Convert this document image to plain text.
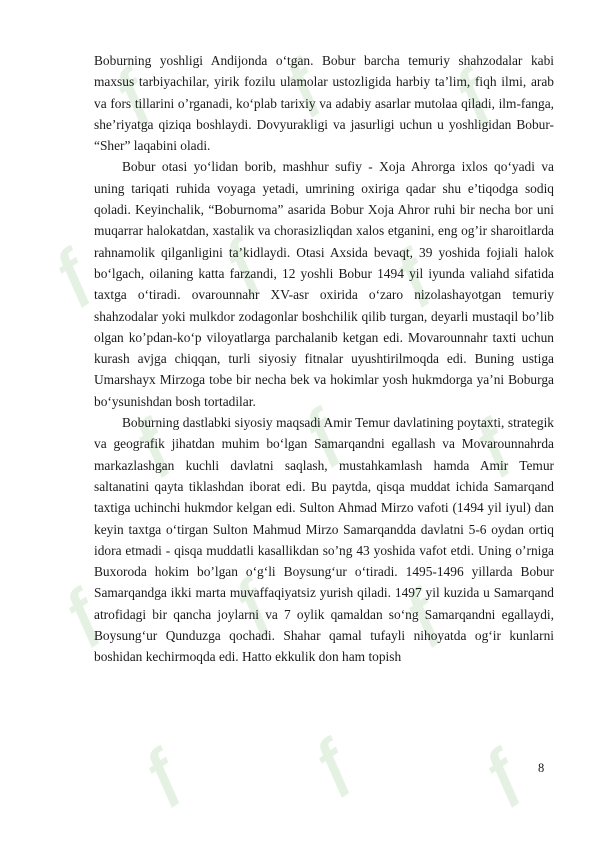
ƒ ƒ ƒ
ƒ ƒ ƒ
ƒ ƒ ƒ
ƒ ƒ ƒ
ƒ ƒ ƒ

Boburning yoshligi Andijonda o‘tgan. Bobur barcha temuriy shahzodalar kabi maxsus tarbiyachilar, yirik fozilu ulamolar ustozligida harbiy ta’lim, fiqh ilmi, arab va fors tillarini o’rganadi, ko‘plab tarixiy va adabiy asarlar mutolaa qiladi, ilm-fanga, she’riyatga qiziqa boshlaydi. Dovyurakligi va jasurligi uchun u yoshligidan Bobur- “Sher” laqabini oladi.

Bobur otasi yo‘lidan borib, mashhur sufiy - Xoja Ahrorga ixlos qo‘yadi va uning tariqati ruhida voyaga yetadi, umrining oxiriga qadar shu e’tiqodga sodiq qoladi. Keyinchalik, “Boburnoma” asarida Bobur Xoja Ahror ruhi bir necha bor uni muqarrar halokatdan, xastalik va chorasizliqdan xalos etganini, eng og’ir sharoitlarda rahnamolik qilganligini ta’kidlaydi. Otasi Axsida bevaqt, 39 yoshida fojiali halok bo‘lgach, oilaning katta farzandi, 12 yoshli Bobur 1494 yil iyunda valiahd sifatida taxtga o‘tiradi. ovarounnahr XV-asr oxirida o‘zaro nizolashayotgan temuriy shahzodalar yoki mulkdor zodagonlar boshchilik qilib turgan, deyarli mustaqil bo’lib olgan ko’pdan-ko‘p viloyatlarga parchalanib ketgan edi. Movarounnahr taxti uchun kurash avjga chiqqan, turli siyosiy fitnalar uyushtirilmoqda edi. Buning ustiga Umarshayx Mirzoga tobe bir necha bek va hokimlar yosh hukmdorga ya’ni Boburga bo‘ysunishdan bosh tortadilar.

Boburning dastlabki siyosiy maqsadi Amir Temur davlatining poytaxti, strategik va geografik jihatdan muhim bo‘lgan Samarqandni egallash va Movarounnahrda markazlashgan kuchli davlatni saqlash, mustahkamlash hamda Amir Temur saltanatini qayta tiklashdan iborat edi. Bu paytda, qisqa muddat ichida Samarqand taxtiga uchinchi hukmdor kelgan edi. Sulton Ahmad Mirzo vafoti (1494 yil iyul) dan keyin taxtga o‘tirgan Sulton Mahmud Mirzo Samarqandda davlatni 5-6 oydan ortiq idora etmadi - qisqa muddatli kasallikdan so’ng 43 yoshida vafot etdi. Uning o’rniga Buxoroda hokim bo’lgan o‘g‘li Boysung‘ur o‘tiradi. 1495-1496 yillarda Bobur Samarqandga ikki marta muvaffaqiyatsiz yurish qiladi. 1497 yil kuzida u Samarqand atrofidagi bir qancha joylarni va 7 oylik qamaldan so‘ng Samarqandni egallaydi, Boysung‘ur Qunduzga qochadi. Shahar qamal tufayli nihoyatda og‘ir kunlarni boshidan kechirmoqda edi. Hatto ekkulik don ham topish

8
